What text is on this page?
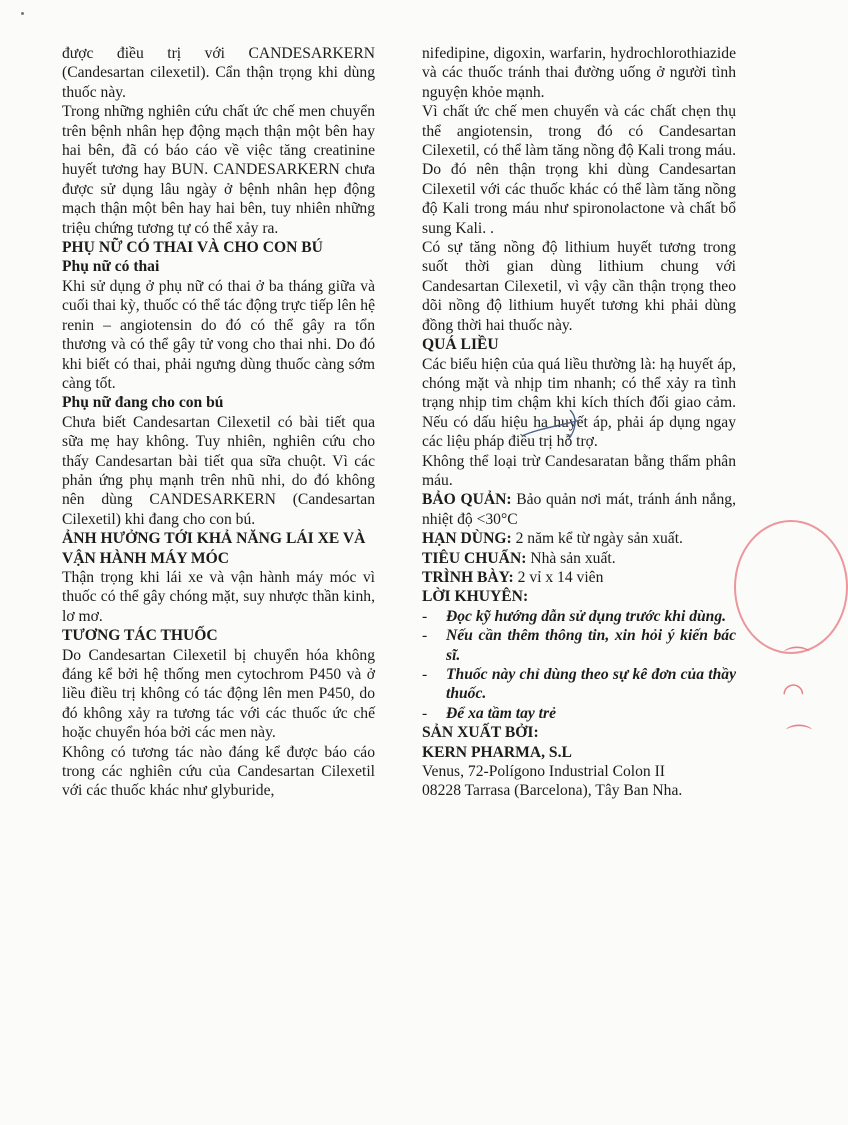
được điều trị với CANDESARKERN (Candesartan cilexetil). Cẩn thận trọng khi dùng thuốc này.

Trong những nghiên cứu chất ức chế men chuyển trên bệnh nhân hẹp động mạch thận một bên hay hai bên, đã có báo cáo về việc tăng creatinine huyết tương hay BUN. CANDESARKERN chưa được sử dụng lâu ngày ở bệnh nhân hẹp động mạch thận một bên hay hai bên, tuy nhiên những triệu chứng tương tự có thể xảy ra.

PHỤ NỮ CÓ THAI VÀ CHO CON BÚ
Phụ nữ có thai

Khi sử dụng ở phụ nữ có thai ở ba tháng giữa và cuối thai kỳ, thuốc có thể tác động trực tiếp lên hệ renin – angiotensin do đó có thể gây ra tổn thương và có thể gây tử vong cho thai nhi. Do đó khi biết có thai, phải ngưng dùng thuốc càng sớm càng tốt.

Phụ nữ đang cho con bú

Chưa biết Candesartan Cilexetil có bài tiết qua sữa mẹ hay không. Tuy nhiên, nghiên cứu cho thấy Candesartan bài tiết qua sữa chuột. Vì các phản ứng phụ mạnh trên nhũ nhi, do đó không nên dùng CANDESARKERN (Candesartan Cilexetil) khi đang cho con bú.

ẢNH HƯỞNG TỚI KHẢ NĂNG LÁI XE VÀ VẬN HÀNH MÁY MÓC

Thận trọng khi lái xe và vận hành máy móc vì thuốc có thể gây chóng mặt, suy nhược thần kinh, lơ mơ.

TƯƠNG TÁC THUỐC

Do Candesartan Cilexetil bị chuyển hóa không đáng kể bởi hệ thống men cytochrom P450 và ở liều điều trị không có tác động lên men P450, do đó không xảy ra tương tác với các thuốc ức chế hoặc chuyển hóa bởi các men này.

Không có tương tác nào đáng kể được báo cáo trong các nghiên cứu của Candesartan Cilexetil với các thuốc khác như glyburide,

nifedipine, digoxin, warfarin, hydrochlorothiazide và các thuốc tránh thai đường uống ở người tình nguyện khỏe mạnh.

Vì chất ức chế men chuyển và các chất chẹn thụ thể angiotensin, trong đó có Candesartan Cilexetil, có thể làm tăng nồng độ Kali trong máu. Do đó nên thận trọng khi dùng Candesartan Cilexetil với các thuốc khác có thể làm tăng nồng độ Kali trong máu như spironolactone và chất bổ sung Kali. .

Có sự tăng nồng độ lithium huyết tương trong suốt thời gian dùng lithium chung với Candesartan Cilexetil, vì vậy cần thận trọng theo dõi nồng độ lithium huyết tương khi phải dùng đồng thời hai thuốc này.

QUÁ LIỀU

Các biểu hiện của quá liều thường là: hạ huyết áp, chóng mặt và nhịp tim nhanh; có thể xảy ra tình trạng nhịp tim chậm khi kích thích đối giao cảm. Nếu có dấu hiệu hạ huyết áp, phải áp dụng ngay các liệu pháp điều trị hỗ trợ.

Không thể loại trừ Candesaratan bằng thẩm phân máu.

BẢO QUẢN: Bảo quản nơi mát, tránh ánh nắng, nhiệt độ <30°C

HẠN DÙNG: 2 năm kể từ ngày sản xuất.

TIÊU CHUẨN: Nhà sản xuất.

TRÌNH BÀY: 2 vỉ x 14 viên

LỜI KHUYÊN:
- Đọc kỹ hướng dẫn sử dụng trước khi dùng.
- Nếu cần thêm thông tin, xin hỏi ý kiến bác sĩ.
- Thuốc này chỉ dùng theo sự kê đơn của thầy thuốc.
- Để xa tầm tay trẻ
SẢN XUẤT BỞI:
KERN PHARMA, S.L
Venus, 72-Polígono Industrial Colon II
08228 Tarrasa (Barcelona), Tây Ban Nha.
⌒
◠
⌒
